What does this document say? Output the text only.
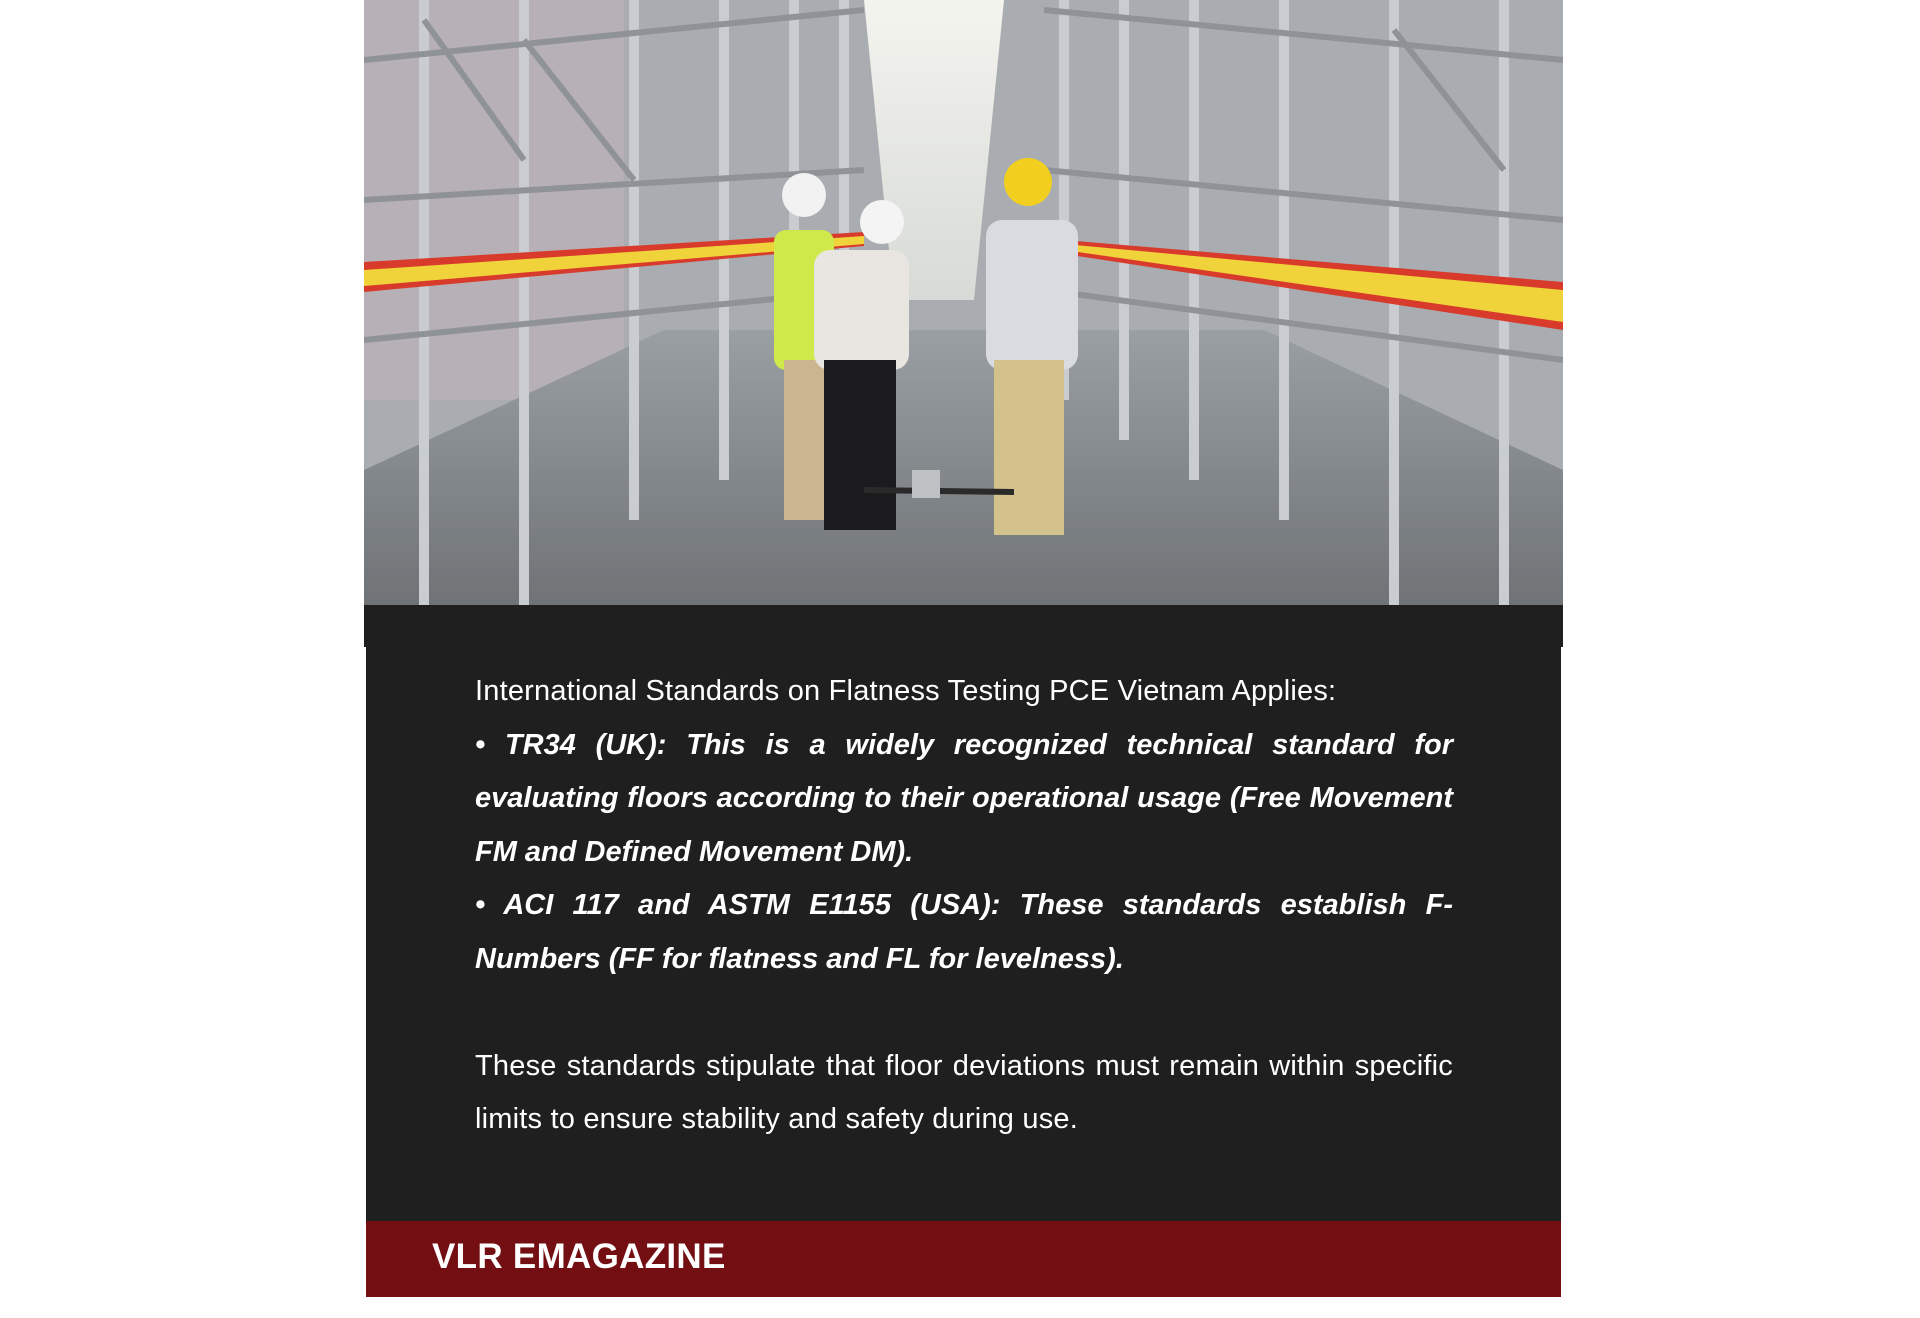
International Standards on Flatness Testing PCE Vietnam Applies:

• TR34 (UK): This is a widely recognized technical standard for evaluating floors according to their operational usage (Free Movement FM and Defined Movement DM).

• ACI 117 and ASTM E1155 (USA): These standards establish F-Numbers (FF for flatness and FL for levelness).

These standards stipulate that floor deviations must remain within specific limits to ensure stability and safety during use.

VLR EMAGAZINE
